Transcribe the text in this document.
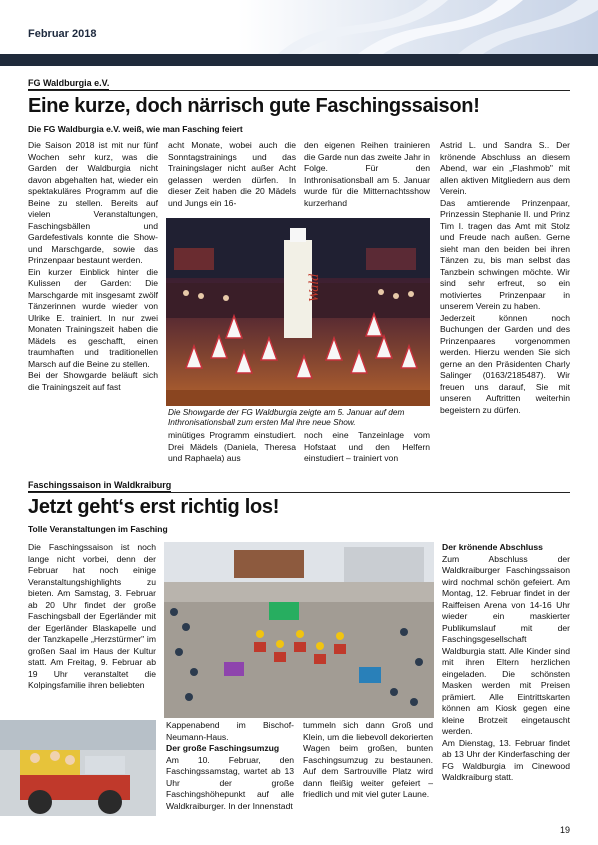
Februar 2018
FG Waldburgia e.V.
Eine kurze, doch närrisch gute Faschingssaison!
Die FG Waldburgia e.V. weiß, wie man Fasching feiert

Die Saison 2018 ist mit nur fünf Wochen sehr kurz, was die Garden der Waldburgia nicht davon abgehalten hat, wieder ein spektakuläres Programm auf die Beine zu stellen. Bereits auf vielen Veranstaltungen, Faschingsbällen und Gardefestivals konnte die Show- und Marschgarde, sowie das Prinzenpaar bestaunt werden.

Ein kurzer Einblick hinter die Kulissen der Garden: Die Marschgarde mit insgesamt zwölf Tänzerinnen wurde wieder von Ulrike E. trainiert. In nur zwei Monaten Trainingszeit haben die Mädels es geschafft, einen traumhaften und traditionellen Marsch auf die Beine zu stellen.

Bei der Showgarde beläuft sich die Trainingszeit auf fast

acht Monate, wobei auch die Sonntagstrainings und das Trainingslager nicht außer Acht gelassen werden dürfen. In dieser Zeit haben die 20 Mädels und Jungs ein 16-
den eigenen Reihen trainieren die Garde nun das zweite Jahr in Folge. Für den Inthronisationsball am 5. Januar wurde für die Mitternachtsshow kurzerhand
Wald
Die Showgarde der FG Waldburgia zeigte am 5. Januar auf dem Inthronisationsball zum ersten Mal ihre neue Show.
minütiges Programm einstudiert. Drei Mädels (Daniela, Theresa und Raphaela) aus
noch eine Tanzeinlage vom Hofstaat und den Helfern einstudiert – trainiert von

Astrid L. und Sandra S.. Der krönende Abschluss an diesem Abend, war ein „Flashmob" mit allen aktiven Mitgliedern aus dem Verein.

Das amtierende Prinzenpaar, Prinzessin Stephanie II. und Prinz Tim I. tragen das Amt mit Stolz und Freude nach außen. Gerne sieht man den beiden bei ihren Tänzen zu, bis man selbst das Tanzbein schwingen möchte. Wir sind sehr erfreut, so ein motiviertes Prinzenpaar in unserem Verein zu haben.

Jederzeit können noch Buchungen der Garden und des Prinzenpaares vorgenommen werden. Hierzu wenden Sie sich gerne an den Präsidenten Charly Salinger (0163/2185487). Wir freuen uns darauf, Sie mit unseren Auftritten weiterhin begeistern zu dürfen.

Faschingssaison in Waldkraiburg
Jetzt geht‘s erst richtig los!
Tolle Veranstaltungen im Fasching
Die Faschingssaison ist noch lange nicht vorbei, denn der Februar hat noch einige Veranstaltungshighlights zu bieten. Am Samstag, 3. Februar ab 20 Uhr findet der große Faschingsball der Egerländer mit der Egerländer Blaskapelle und der Tanzkapelle „Herzstürmer" im großen Saal im Haus der Kultur statt. Am Freitag, 9. Februar ab 19 Uhr veranstaltet die Kolpingsfamilie ihren beliebten

Kappenabend im Bischof-Neumann-Haus.

Der große Faschingsumzug

Am 10. Februar, den Faschingssamstag, wartet ab 13 Uhr der große Faschingshöhepunkt auf alle Waldkraiburger. In der Innenstadt

tummeln sich dann Groß und Klein, um die liebevoll dekorierten Wagen beim großen, bunten Faschingsumzug zu bestaunen. Auf dem Sartrouville Platz wird dann fleißig weiter gefeiert – friedlich und mit viel guter Laune.

Der krönende Abschluss

Zum Abschluss der Waldkraiburger Faschingssaison wird nochmal schön gefeiert. Am Montag, 12. Februar findet in der Raiffeisen Arena von 14-16 Uhr wieder ein maskierter Publikumslauf mit der Faschingsgesellschaft Waldburgia statt. Alle Kinder sind mit ihren Eltern herzlichen eingeladen. Die schönsten Masken werden mit Preisen prämiert. Alle Eintrittskarten können am Kiosk gegen eine kleine Brotzeit eingetauscht werden.

Am Dienstag, 13. Februar findet ab 13 Uhr der Kinderfasching der FG Waldburgia im Cinewood Waldkraiburg statt.

19
